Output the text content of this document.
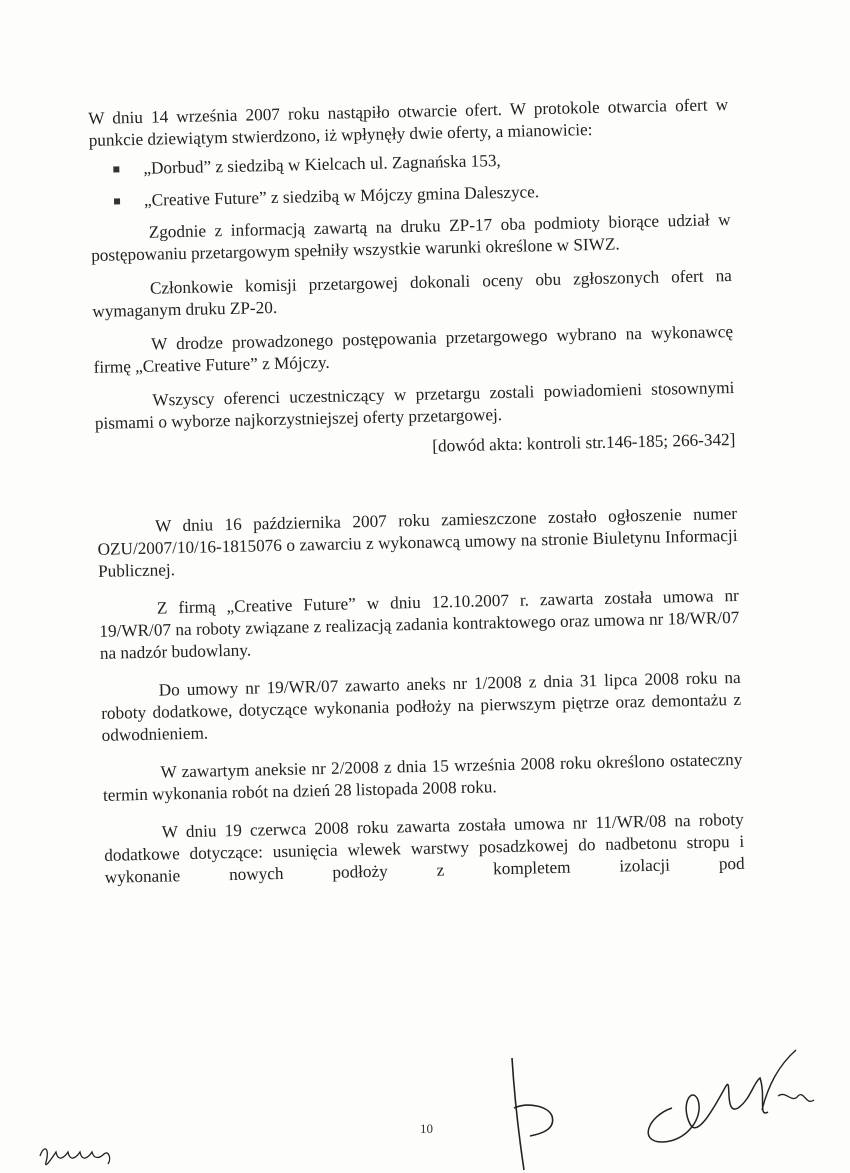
W dniu 14 września 2007 roku nastąpiło otwarcie ofert. W protokole otwarcia ofert w punkcie dziewiątym stwierdzono, iż wpłynęły dwie oferty, a mianowicie:

„Dorbud” z siedzibą w Kielcach ul. Zagnańska 153,
„Creative Future” z siedzibą w Mójczy gmina Daleszyce.

Zgodnie z informacją zawartą na druku ZP-17 oba podmioty biorące udział w postępowaniu przetargowym spełniły wszystkie warunki określone w SIWZ.

Członkowie komisji przetargowej dokonali oceny obu zgłoszonych ofert na wymaganym druku ZP-20.

W drodze prowadzonego postępowania przetargowego wybrano na wykonawcę firmę „Creative Future” z Mójczy.

Wszyscy oferenci uczestniczący w przetargu zostali powiadomieni stosownymi pismami o wyborze najkorzystniejszej oferty przetargowej.

[dowód akta: kontroli str.146-185; 266-342]

W dniu 16 października 2007 roku zamieszczone zostało ogłoszenie numer OZU/2007/10/16-1815076 o zawarciu z wykonawcą umowy na stronie Biuletynu Informacji Publicznej.

Z firmą „Creative Future” w dniu 12.10.2007 r. zawarta została umowa nr 19/WR/07 na roboty związane z realizacją zadania kontraktowego oraz umowa nr 18/WR/07 na nadzór budowlany.

Do umowy nr 19/WR/07 zawarto aneks nr 1/2008 z dnia 31 lipca 2008 roku na roboty dodatkowe, dotyczące wykonania podłoży na pierwszym piętrze oraz demontażu z odwodnieniem.

W zawartym aneksie nr 2/2008 z dnia 15 września 2008 roku określono ostateczny termin wykonania robót na dzień 28 listopada 2008 roku.

W dniu 19 czerwca 2008 roku zawarta została umowa nr 11/WR/08 na roboty dodatkowe dotyczące: usunięcia wlewek warstwy posadzkowej do nadbetonu stropu i wykonanie nowych podłoży z kompletem izolacji pod

10
